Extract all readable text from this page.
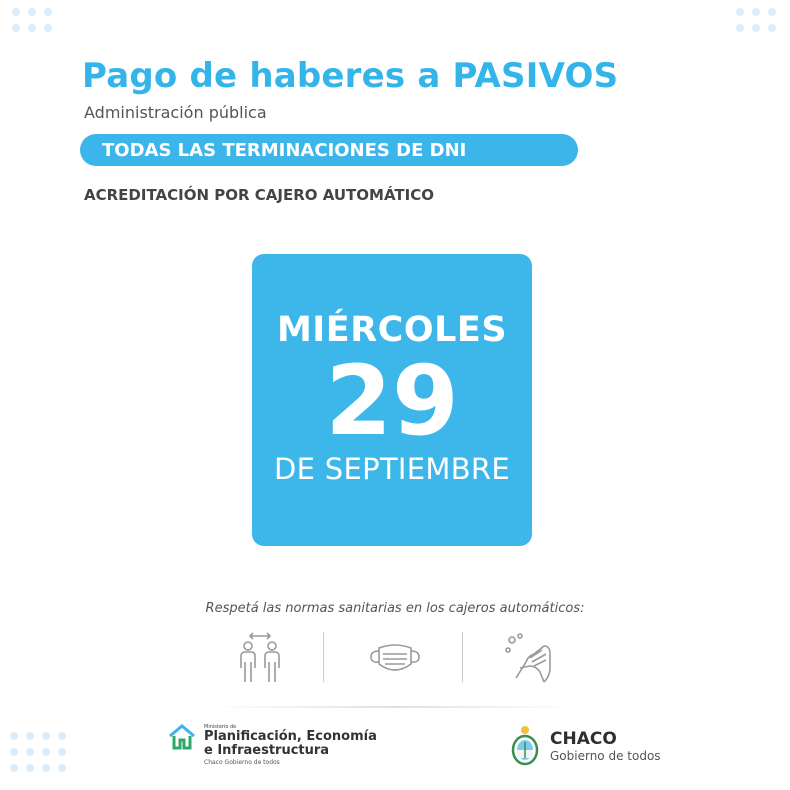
Pago de haberes a PASIVOS
Administración pública
TODAS LAS TERMINACIONES DE DNI
ACREDITACIÓN POR CAJERO AUTOMÁTICO
MIÉRCOLES
29
DE SEPTIEMBRE
Respetá las normas sanitarias en los cajeros automáticos:
Ministerio de
Planificación, Economía
e Infraestructura
Chaco Gobierno de todos
CHACO
Gobierno de todos
